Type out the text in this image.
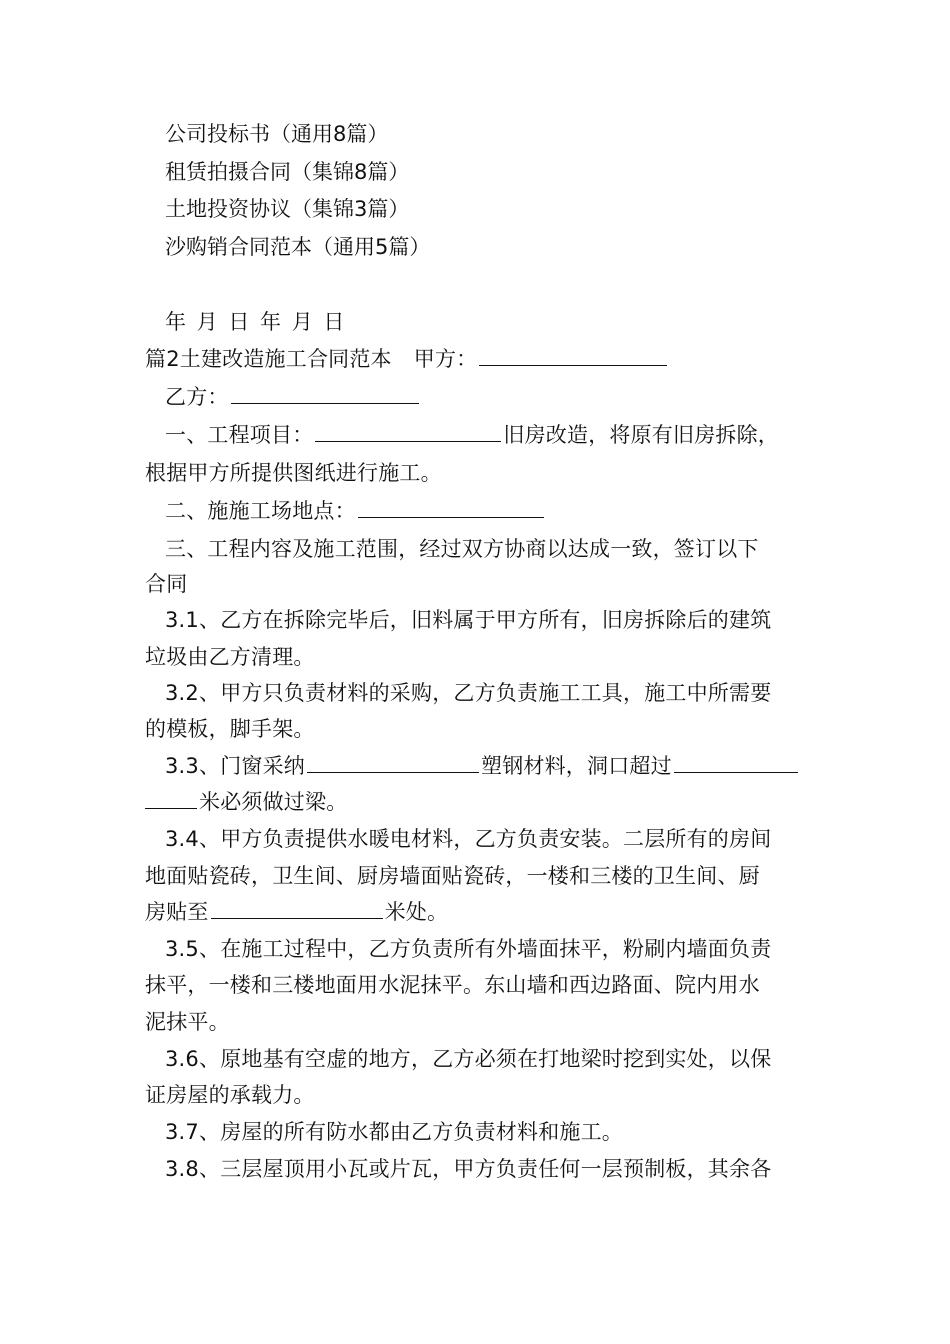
公司投标书（通用8篇）
租赁拍摄合同（集锦8篇）
土地投资协议（集锦3篇）
沙购销合同范本（通用5篇）
年 月 日 年 月 日
篇2土建改造施工合同范本 甲方：
乙方：
一、工程项目：	旧房改造，将原有旧房拆除，
根据甲方所提供图纸进行施工。
二、施施工场地点：
三、工程内容及施工范围，经过双方协商以达成一致，签订以下
合同
3.1、乙方在拆除完毕后，旧料属于甲方所有，旧房拆除后的建筑
垃圾由乙方清理。
3.2、甲方只负责材料的采购，乙方负责施工工具，施工中所需要
的模板，脚手架。
3.3、门窗采纳	塑钢材料，洞口超过
米必须做过梁。
3.4、甲方负责提供水暖电材料，乙方负责安装。二层所有的房间
地面贴瓷砖，卫生间、厨房墙面贴瓷砖，一楼和三楼的卫生间、厨
房贴至	米处。
3.5、在施工过程中，乙方负责所有外墙面抹平，粉刷内墙面负责
抹平，一楼和三楼地面用水泥抹平。东山墙和西边路面、院内用水
泥抹平。
3.6、原地基有空虚的地方，乙方必须在打地梁时挖到实处，以保
证房屋的承载力。
3.7、房屋的所有防水都由乙方负责材料和施工。
3.8、三层屋顶用小瓦或片瓦，甲方负责任何一层预制板，其余各
